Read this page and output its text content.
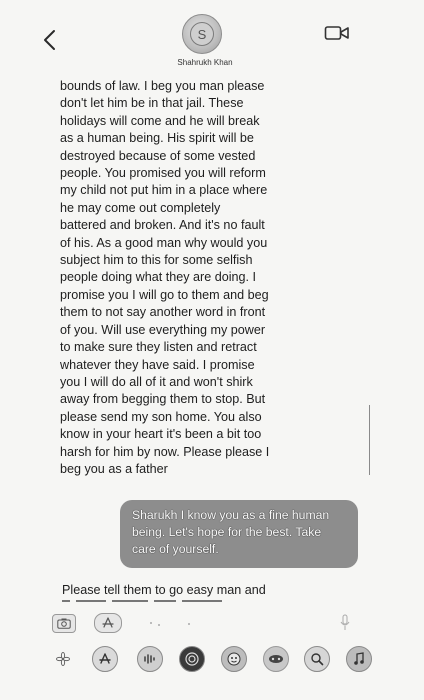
S
Shahrukh Khan
bounds of law. I beg you man please
don't let him be in that jail. These
holidays will come and he will break
as a human being. His spirit will be
destroyed because of some vested
people. You promised you will reform
my child not put him in a place where
he may come out completely
battered and broken. And it's no fault
of his. As a good man why would you
subject him to this for some selfish
people doing what they are doing. I
promise you I will go to them and beg
them to not say another word in front
of you. Will use everything my power
to make sure they listen and retract
whatever they have said. I promise
you I will do all of it and won't shirk
away from begging them to stop. But
please send my son home. You also
know in your heart it's been a bit too
harsh for him by now. Please please I
beg you as a father
Sharukh I know you as a fine human
being. Let's hope for the best. Take
care of yourself.
Please tell them to go easy man and
